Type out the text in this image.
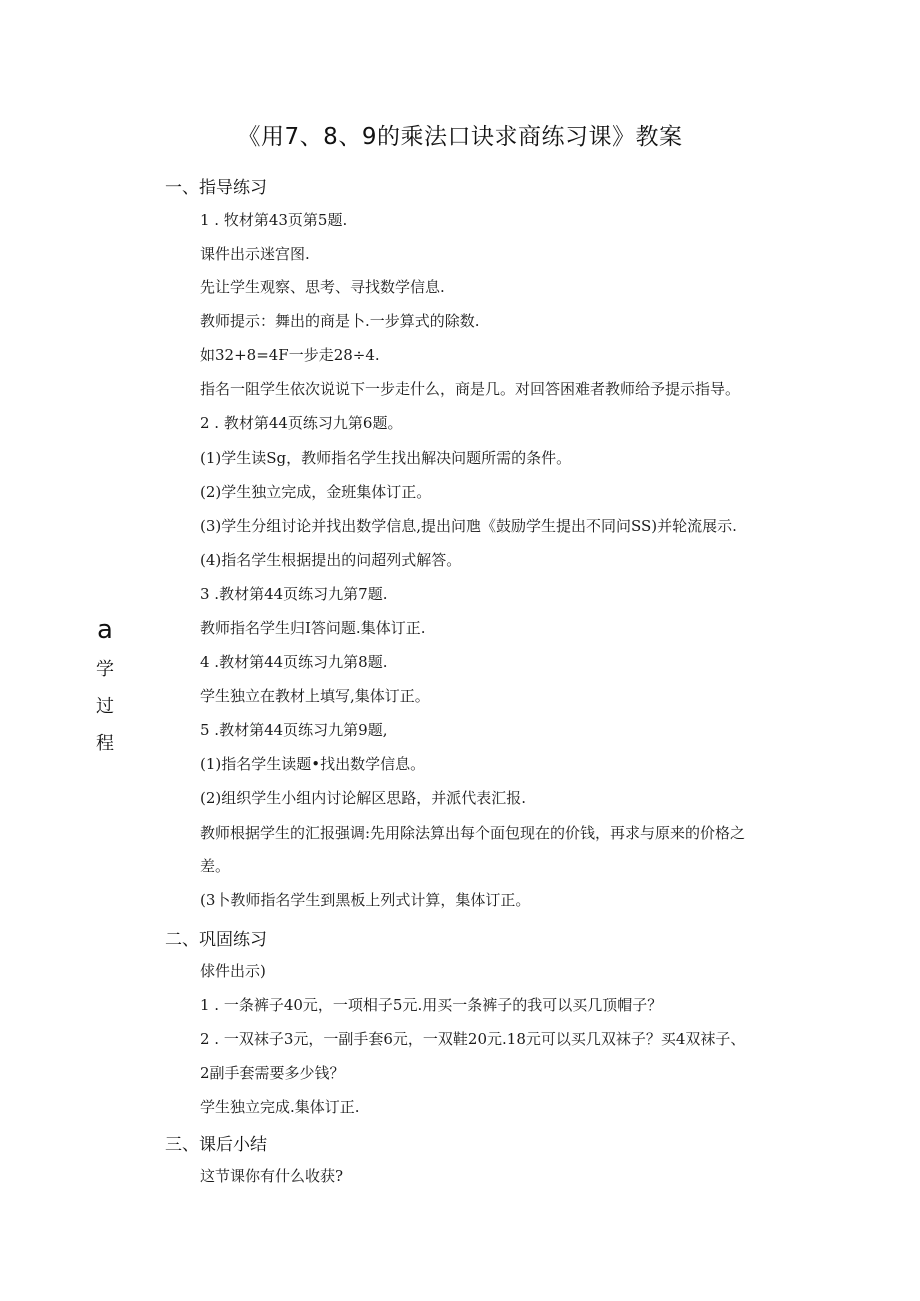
《用7、8、9的乘法口诀求商练习课》教案
a
学
过
程
一、指导练习
1 . 牧材第43页第5题.
课件出示迷宫图.
先让学生观察、思考、寻找数学信息.
教师提示：舞出的商是卜.一步算式的除数.
如32+8=4F一步走28÷4.
指名一阻学生依次说说下一步走什么，商是几。对回答困难者教师给予提示指导。
2 . 教材第44页练习九第6题。
(1)学生读Sg，教师指名学生找出解决问题所需的条件。
(2)学生独立完成，金班集体订正。
(3)学生分组讨论并找出数学信息,提出问虺《鼓励学生提出不同问SS)并轮流展示.
(4)指名学生根据提出的问超列式解答。
3 .教材第44页练习九第7题.
教师指名学生归I答问题.集体订正.
4 .教材第44页练习九第8题.
学生独立在教材上填写,集体订正。
5 .教材第44页练习九第9题,
(1)指名学生读题•找出数学信息。
(2)组织学生小组内讨论解区思路，并派代表汇报.
教师根据学生的汇报强调:先用除法算出每个面包现在的价钱，再求与原来的价格之
差。
(3卜教师指名学生到黑板上列式计算，集体订正。
二、巩固练习
俅件出示)
1 . 一条裤子40元，一项相子5元.用买一条裤子的我可以买几顶帽子？
2 . 一双袜子3元，一副手套6元，一双鞋20元.18元可以买几双袜子？买4双袜子、
2副手套需要多少钱？
学生独立完成.集体订正.
三、课后小结
这节课你有什么收获?
